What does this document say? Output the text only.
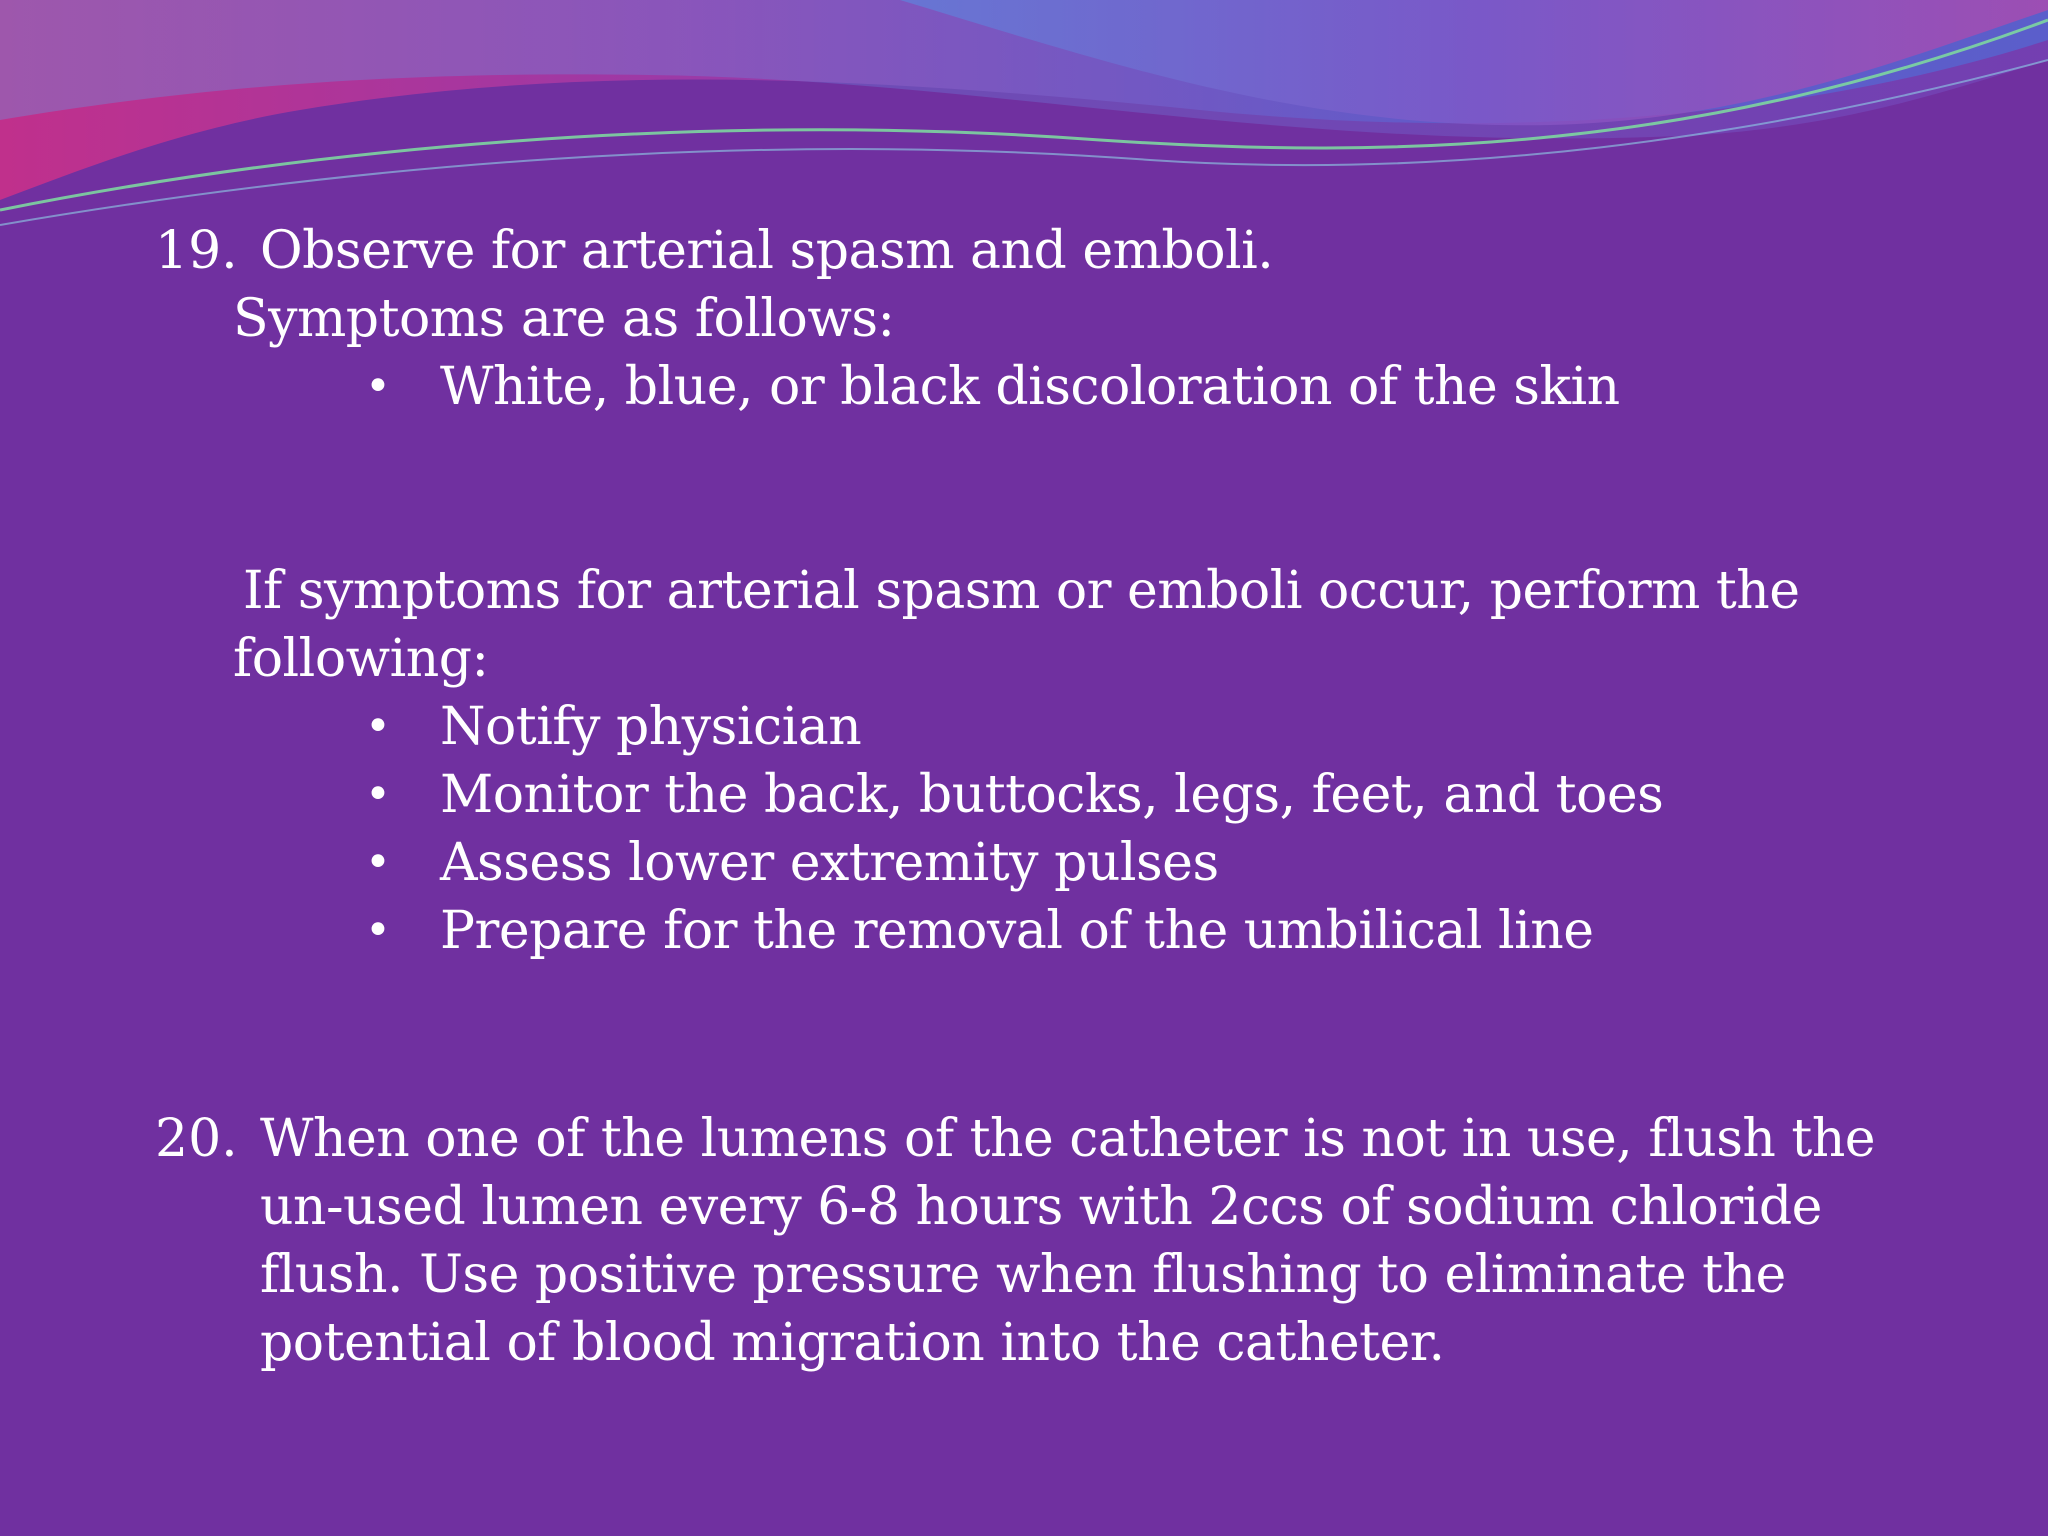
19. Observe for arterial spasm and emboli.
Symptoms are as follows:
• White, blue, or black discoloration of the skin
If symptoms for arterial spasm or emboli occur, perform the
following:
• Notify physician
• Monitor the back, buttocks, legs, feet, and toes
• Assess lower extremity pulses
• Prepare for the removal of the umbilical line
20. When one of the lumens of the catheter is not in use, flush the
un-used lumen every 6-8 hours with 2ccs of sodium chloride
flush. Use positive pressure when flushing to eliminate the
potential of blood migration into the catheter.
